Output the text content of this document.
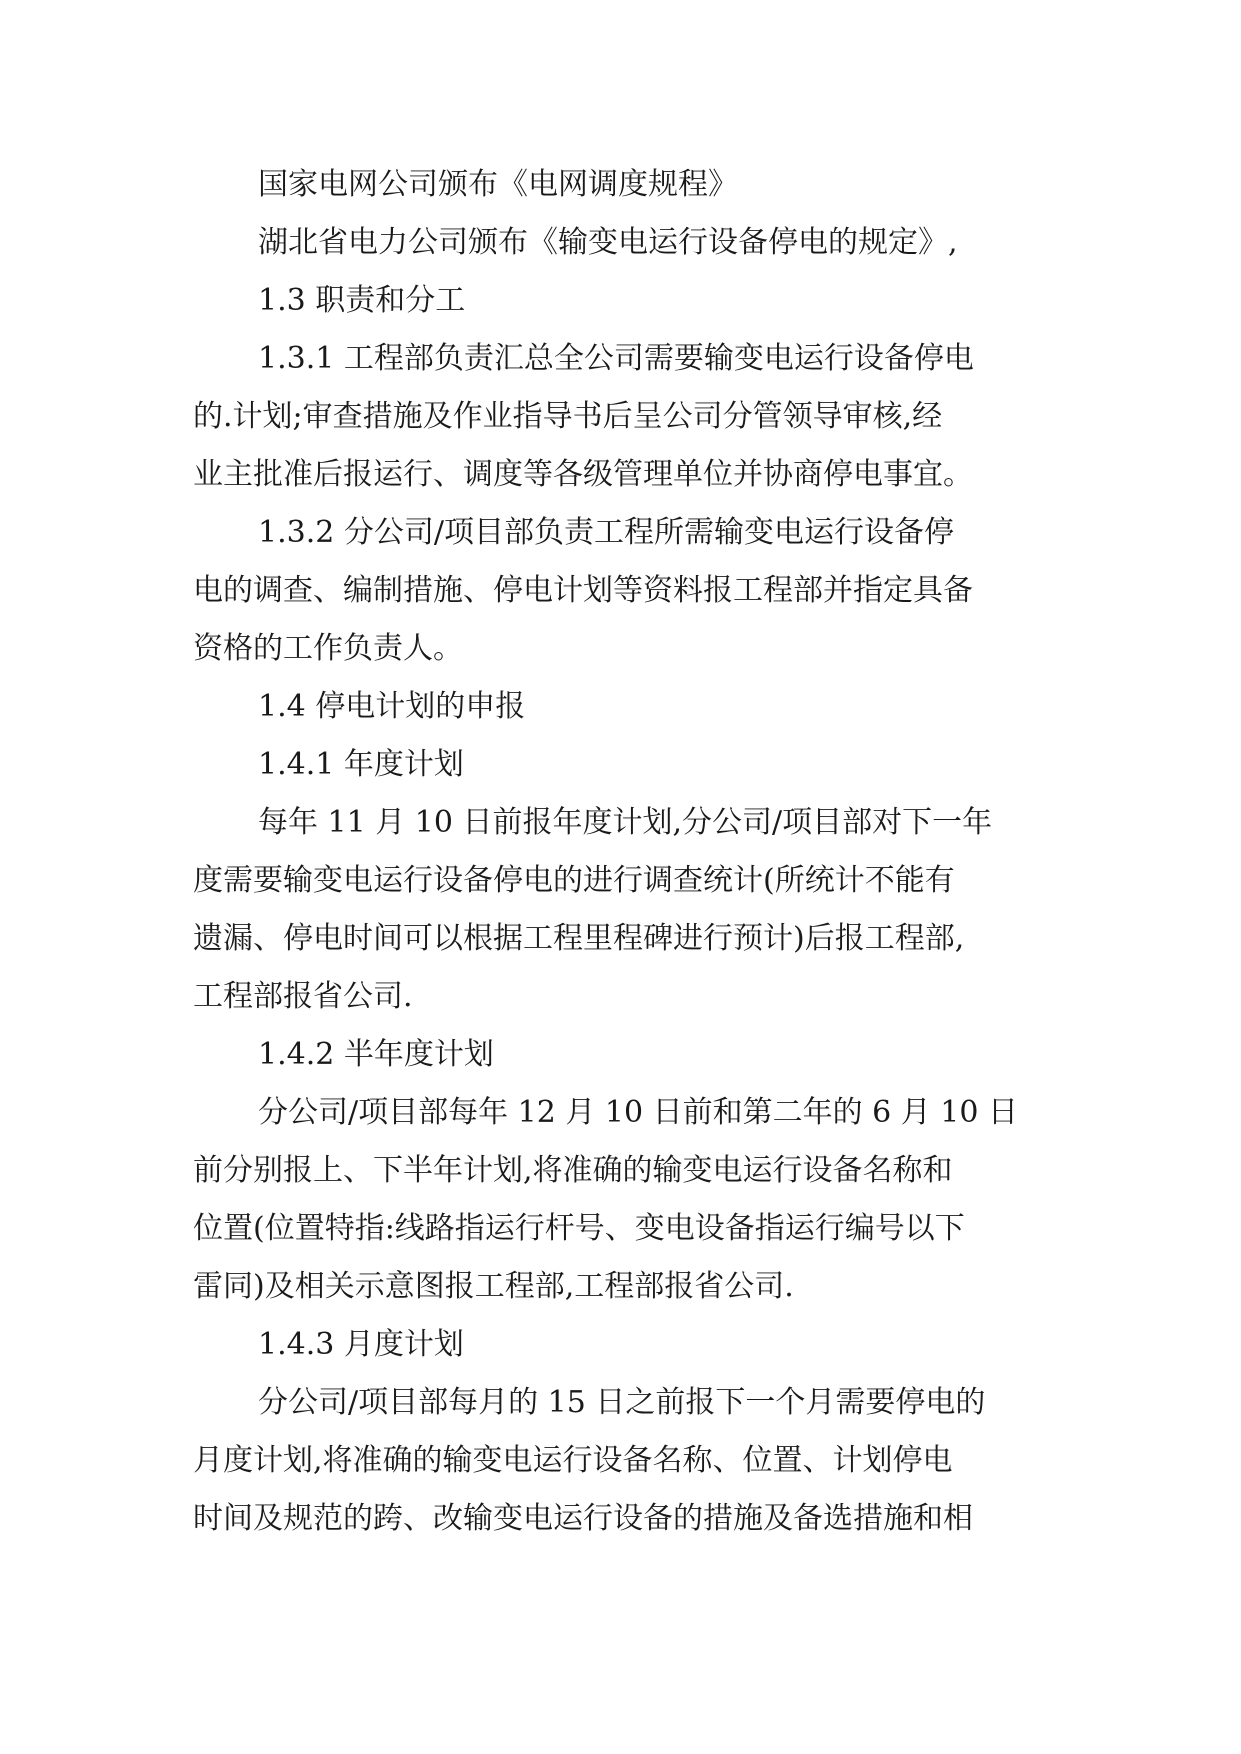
国家电网公司颁布《电网调度规程》
湖北省电力公司颁布《输变电运行设备停电的规定》,
1.3 职责和分工
1.3.1 工程部负责汇总全公司需要输变电运行设备停电
的.计划;审查措施及作业指导书后呈公司分管领导审核,经
业主批准后报运行、调度等各级管理单位并协商停电事宜。
1.3.2 分公司/项目部负责工程所需输变电运行设备停
电的调查、编制措施、停电计划等资料报工程部并指定具备
资格的工作负责人。
1.4 停电计划的申报
1.4.1 年度计划
每年 11 月 10 日前报年度计划,分公司/项目部对下一年
度需要输变电运行设备停电的进行调查统计(所统计不能有
遗漏、停电时间可以根据工程里程碑进行预计)后报工程部,
工程部报省公司.
1.4.2 半年度计划
分公司/项目部每年 12 月 10 日前和第二年的 6 月 10 日
前分别报上、下半年计划,将准确的输变电运行设备名称和
位置(位置特指:线路指运行杆号、变电设备指运行编号以下
雷同)及相关示意图报工程部,工程部报省公司.
1.4.3 月度计划
分公司/项目部每月的 15 日之前报下一个月需要停电的
月度计划,将准确的输变电运行设备名称、位置、计划停电
时间及规范的跨、改输变电运行设备的措施及备选措施和相
